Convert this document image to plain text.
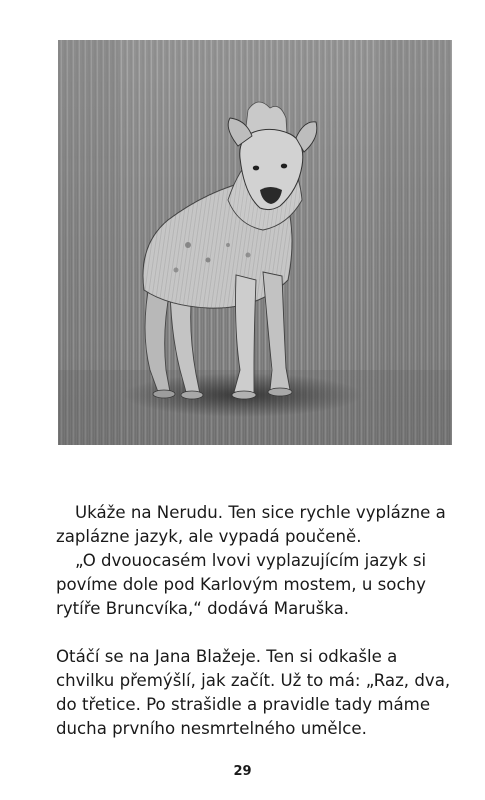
Ukáže na Nerudu. Ten sice rychle vyplázne a zaplázne jazyk, ale vypadá poučeně.

„O dvouocasém lvovi vyplazujícím jazyk si povíme dole pod Karlovým mostem, u sochy rytíře Bruncvíka,“ dodává Maruška.

Otáčí se na Jana Blažeje. Ten si odkašle a chvilku přemýšlí, jak začít. Už to má: „Raz, dva, do třetice. Po strašidle a pravidle tady máme ducha prvního nesmrtelného umělce.

29
